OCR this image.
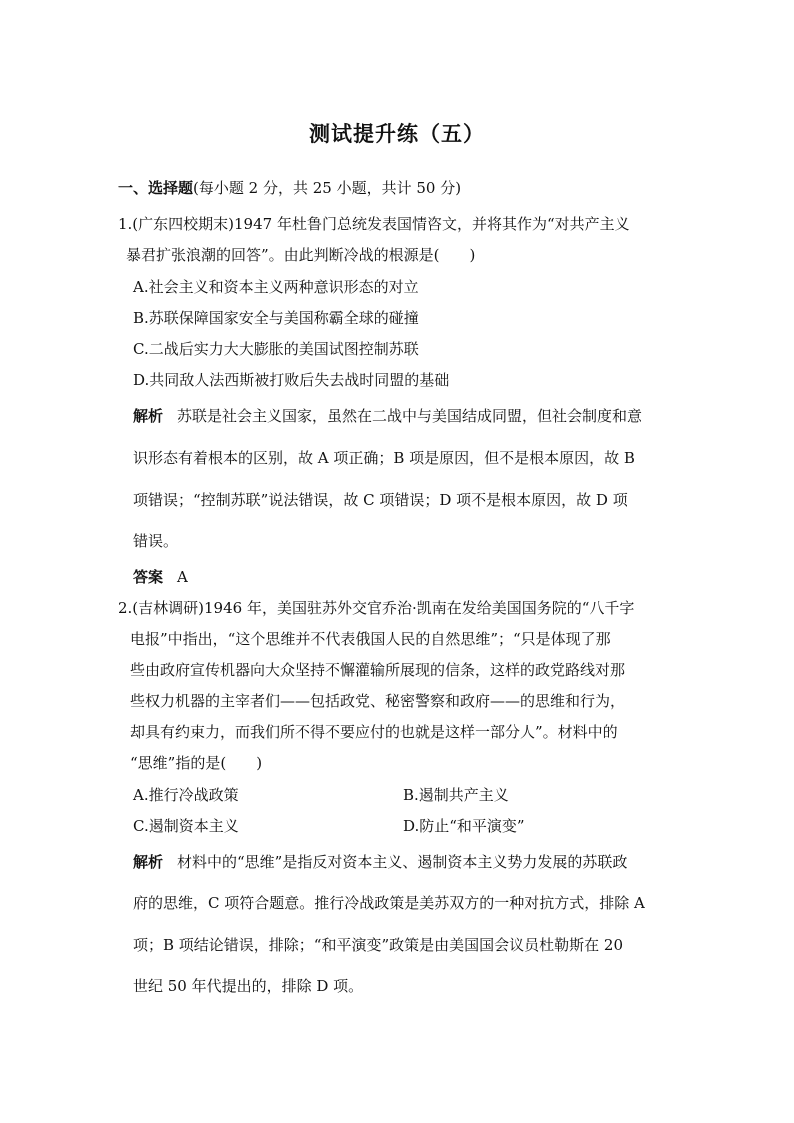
测试提升练（五）
一、选择题(每小题 2 分，共 25 小题，共计 50 分)
1.(广东四校期末)1947 年杜鲁门总统发表国情咨文，并将其作为“对共产主义
暴君扩张浪潮的回答”。由此判断冷战的根源是(　　)
A.社会主义和资本主义两种意识形态的对立
B.苏联保障国家安全与美国称霸全球的碰撞
C.二战后实力大大膨胀的美国试图控制苏联
D.共同敌人法西斯被打败后失去战时同盟的基础
解析 苏联是社会主义国家，虽然在二战中与美国结成同盟，但社会制度和意
识形态有着根本的区别，故 A 项正确；B 项是原因，但不是根本原因，故 B
项错误；“控制苏联”说法错误，故 C 项错误；D 项不是根本原因，故 D 项
错误。
答案 A
2.(吉林调研)1946 年，美国驻苏外交官乔治·凯南在发给美国国务院的“八千字
电报”中指出，“这个思维并不代表俄国人民的自然思维”；“只是体现了那
些由政府宣传机器向大众坚持不懈灌输所展现的信条，这样的政党路线对那
些权力机器的主宰者们——包括政党、秘密警察和政府——的思维和行为，
却具有约束力，而我们所不得不要应付的也就是这样一部分人”。材料中的
“思维”指的是(　　)
A.推行冷战政策	B.遏制共产主义
C.遏制资本主义	D.防止“和平演变”
解析 材料中的“思维”是指反对资本主义、遏制资本主义势力发展的苏联政
府的思维，C 项符合题意。推行冷战政策是美苏双方的一种对抗方式，排除 A
项；B 项结论错误，排除；“和平演变”政策是由美国国会议员杜勒斯在 20
世纪 50 年代提出的，排除 D 项。
